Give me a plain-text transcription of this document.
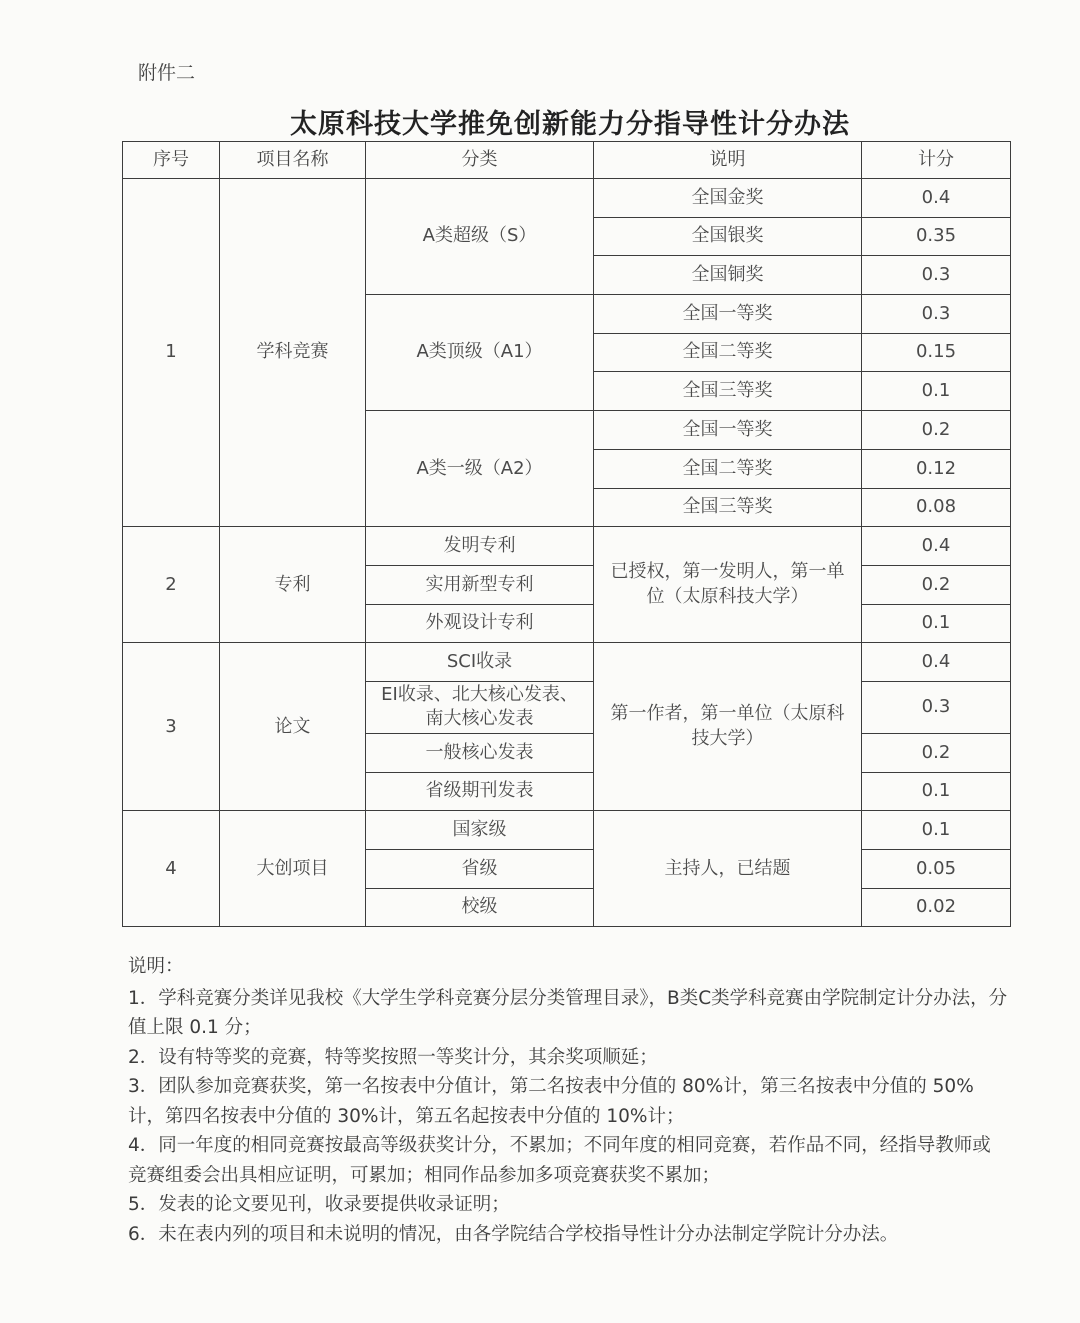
附件二
太原科技大学推免创新能力分指导性计分办法
序号	项目名称	分类	说明	计分
1	学科竞赛	A类超级（S）	全国金奖	0.4
			全国银奖	0.35
			全国铜奖	0.3
		A类顶级（A1）	全国一等奖	0.3
			全国二等奖	0.15
			全国三等奖	0.1
		A类一级（A2）	全国一等奖	0.2
			全国二等奖	0.12
			全国三等奖	0.08
2	专利	发明专利	已授权，第一发明人，第一单位（太原科技大学）	0.4
		实用新型专利		0.2
		外观设计专利		0.1
3	论文	SCI收录	第一作者，第一单位（太原科技大学）	0.4
		EI收录、北大核心发表、南大核心发表		0.3
		一般核心发表		0.2
		省级期刊发表		0.1
4	大创项目	国家级	主持人，已结题	0.1
		省级		0.05
		校级		0.02
说明：
1．学科竞赛分类详见我校《大学生学科竞赛分层分类管理目录》，B类C类学科竞赛由学院制定计分办法，分值上限 0.1 分；
2．设有特等奖的竞赛，特等奖按照一等奖计分，其余奖项顺延；
3．团队参加竞赛获奖，第一名按表中分值计，第二名按表中分值的 80%计，第三名按表中分值的 50%计，第四名按表中分值的 30%计，第五名起按表中分值的 10%计；
4．同一年度的相同竞赛按最高等级获奖计分，不累加；不同年度的相同竞赛，若作品不同，经指导教师或竞赛组委会出具相应证明，可累加；相同作品参加多项竞赛获奖不累加；
5．发表的论文要见刊，收录要提供收录证明；
6．未在表内列的项目和未说明的情况，由各学院结合学校指导性计分办法制定学院计分办法。
